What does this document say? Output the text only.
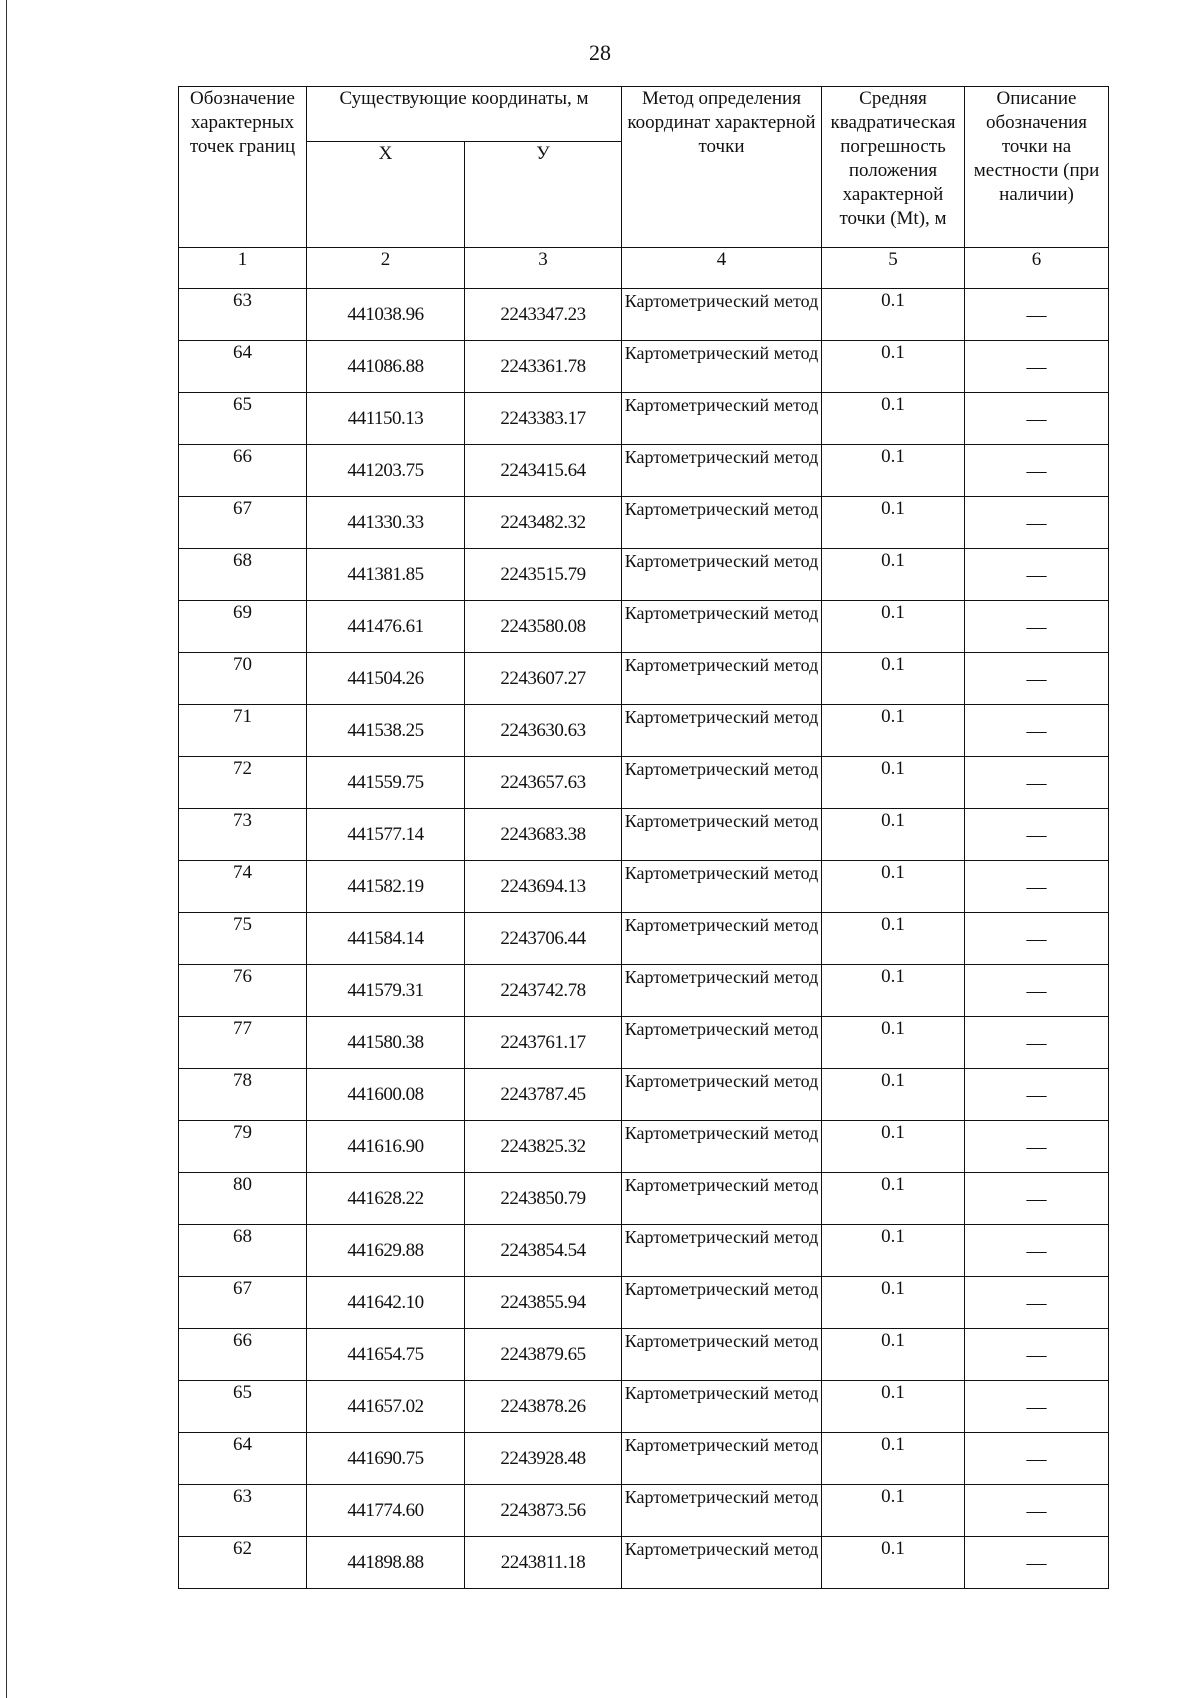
28
Обозначение характерных точек границ	Существующие координаты, м		Метод определения координат характерной точки	Средняя квадратическая погрешность положения характерной точки (Mt), м	Описание обозначения точки на местности (при наличии)
	X	У			
1	2	3	4	5	6
63	441038.96	2243347.23	Картометрический метод	0.1	—
64	441086.88	2243361.78	Картометрический метод	0.1	—
65	441150.13	2243383.17	Картометрический метод	0.1	—
66	441203.75	2243415.64	Картометрический метод	0.1	—
67	441330.33	2243482.32	Картометрический метод	0.1	—
68	441381.85	2243515.79	Картометрический метод	0.1	—
69	441476.61	2243580.08	Картометрический метод	0.1	—
70	441504.26	2243607.27	Картометрический метод	0.1	—
71	441538.25	2243630.63	Картометрический метод	0.1	—
72	441559.75	2243657.63	Картометрический метод	0.1	—
73	441577.14	2243683.38	Картометрический метод	0.1	—
74	441582.19	2243694.13	Картометрический метод	0.1	—
75	441584.14	2243706.44	Картометрический метод	0.1	—
76	441579.31	2243742.78	Картометрический метод	0.1	—
77	441580.38	2243761.17	Картометрический метод	0.1	—
78	441600.08	2243787.45	Картометрический метод	0.1	—
79	441616.90	2243825.32	Картометрический метод	0.1	—
80	441628.22	2243850.79	Картометрический метод	0.1	—
68	441629.88	2243854.54	Картометрический метод	0.1	—
67	441642.10	2243855.94	Картометрический метод	0.1	—
66	441654.75	2243879.65	Картометрический метод	0.1	—
65	441657.02	2243878.26	Картометрический метод	0.1	—
64	441690.75	2243928.48	Картометрический метод	0.1	—
63	441774.60	2243873.56	Картометрический метод	0.1	—
62	441898.88	2243811.18	Картометрический метод	0.1	—
